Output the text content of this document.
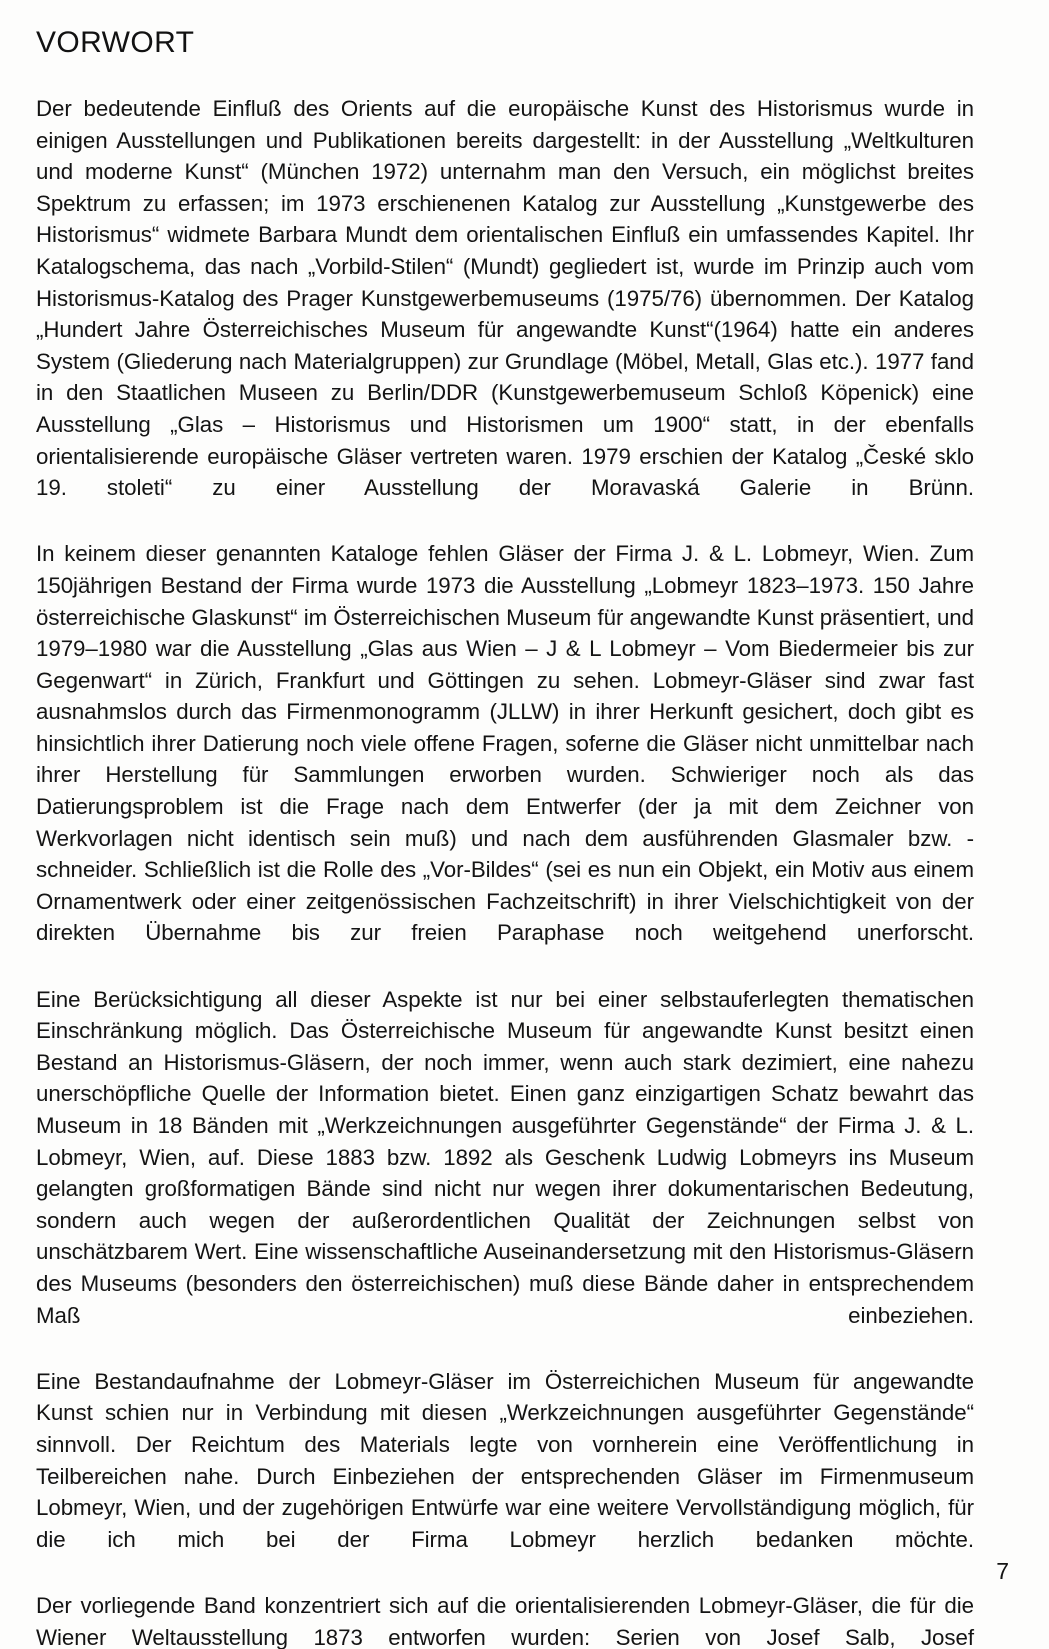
VORWORT

Der bedeutende Einfluß des Orients auf die europäische Kunst des Historismus wurde in einigen Ausstellungen und Publikationen bereits dargestellt: in der Ausstellung „Weltkulturen und moderne Kunst“ (München 1972) unternahm man den Versuch, ein möglichst breites Spektrum zu erfassen; im 1973 erschienenen Katalog zur Ausstellung „Kunstgewerbe des Historismus“ widmete Barbara Mundt dem orientalischen Einfluß ein umfassendes Kapitel. Ihr Katalogschema, das nach „Vorbild-Stilen“ (Mundt) gegliedert ist, wurde im Prinzip auch vom Historismus-Katalog des Prager Kunstgewerbemuseums (1975/76) übernommen. Der Katalog „Hundert Jahre Österreichisches Museum für angewandte Kunst“(1964) hatte ein anderes System (Gliederung nach Materialgruppen) zur Grundlage (Möbel, Metall, Glas etc.). 1977 fand in den Staatlichen Museen zu Berlin/DDR (Kunstgewerbemuseum Schloß Köpenick) eine Ausstellung „Glas – Historismus und Historismen um 1900“ statt, in der ebenfalls orientalisierende europäische Gläser vertreten waren. 1979 erschien der Katalog „České sklo 19. stoleti“ zu einer Ausstellung der Moravaská Galerie in Brünn.

In keinem dieser genannten Kataloge fehlen Gläser der Firma J. & L. Lobmeyr, Wien. Zum 150jährigen Bestand der Firma wurde 1973 die Ausstellung „Lobmeyr 1823–1973. 150 Jahre österreichische Glaskunst“ im Österreichischen Museum für angewandte Kunst präsentiert, und 1979–1980 war die Ausstellung „Glas aus Wien – J & L Lobmeyr – Vom Biedermeier bis zur Gegenwart“ in Zürich, Frankfurt und Göttingen zu sehen. Lobmeyr-Gläser sind zwar fast ausnahmslos durch das Firmenmonogramm (JLLW) in ihrer Herkunft gesichert, doch gibt es hinsichtlich ihrer Datierung noch viele offene Fragen, soferne die Gläser nicht unmittelbar nach ihrer Herstellung für Sammlungen erworben wurden. Schwieriger noch als das Datierungsproblem ist die Frage nach dem Entwerfer (der ja mit dem Zeichner von Werkvorlagen nicht identisch sein muß) und nach dem ausführenden Glasmaler bzw. -schneider. Schließlich ist die Rolle des „Vor-Bildes“ (sei es nun ein Objekt, ein Motiv aus einem Ornamentwerk oder einer zeitgenössischen Fachzeitschrift) in ihrer Vielschichtigkeit von der direkten Übernahme bis zur freien Paraphase noch weitgehend unerforscht.

Eine Berücksichtigung all dieser Aspekte ist nur bei einer selbstauferlegten thematischen Einschränkung möglich. Das Österreichische Museum für angewandte Kunst besitzt einen Bestand an Historismus-Gläsern, der noch immer, wenn auch stark dezimiert, eine nahezu unerschöpfliche Quelle der Information bietet. Einen ganz einzigartigen Schatz bewahrt das Museum in 18 Bänden mit „Werkzeichnungen ausgeführter Gegenstände“ der Firma J. & L. Lobmeyr, Wien, auf. Diese 1883 bzw. 1892 als Geschenk Ludwig Lobmeyrs ins Museum gelangten großformatigen Bände sind nicht nur wegen ihrer dokumentarischen Bedeutung, sondern auch wegen der außerordentlichen Qualität der Zeichnungen selbst von unschätzbarem Wert. Eine wissenschaftliche Auseinandersetzung mit den Historismus-Gläsern des Museums (besonders den österreichischen) muß diese Bände daher in entsprechendem Maß einbeziehen.

Eine Bestandaufnahme der Lobmeyr-Gläser im Österreichichen Museum für angewandte Kunst schien nur in Verbindung mit diesen „Werkzeichnungen ausgeführter Gegenstände“ sinnvoll. Der Reichtum des Materials legte von vornherein eine Veröffentlichung in Teilbereichen nahe. Durch Einbeziehen der entsprechenden Gläser im Firmenmuseum Lobmeyr, Wien, und der zugehörigen Entwürfe war eine weitere Vervollständigung möglich, für die ich mich bei der Firma Lobmeyr herzlich bedanken möchte.

Der vorliegende Band konzentriert sich auf die orientalisierenden Lobmeyr-Gläser, die für die Wiener Weltausstellung 1873 entworfen wurden: Serien von Josef Salb, Josef

7
